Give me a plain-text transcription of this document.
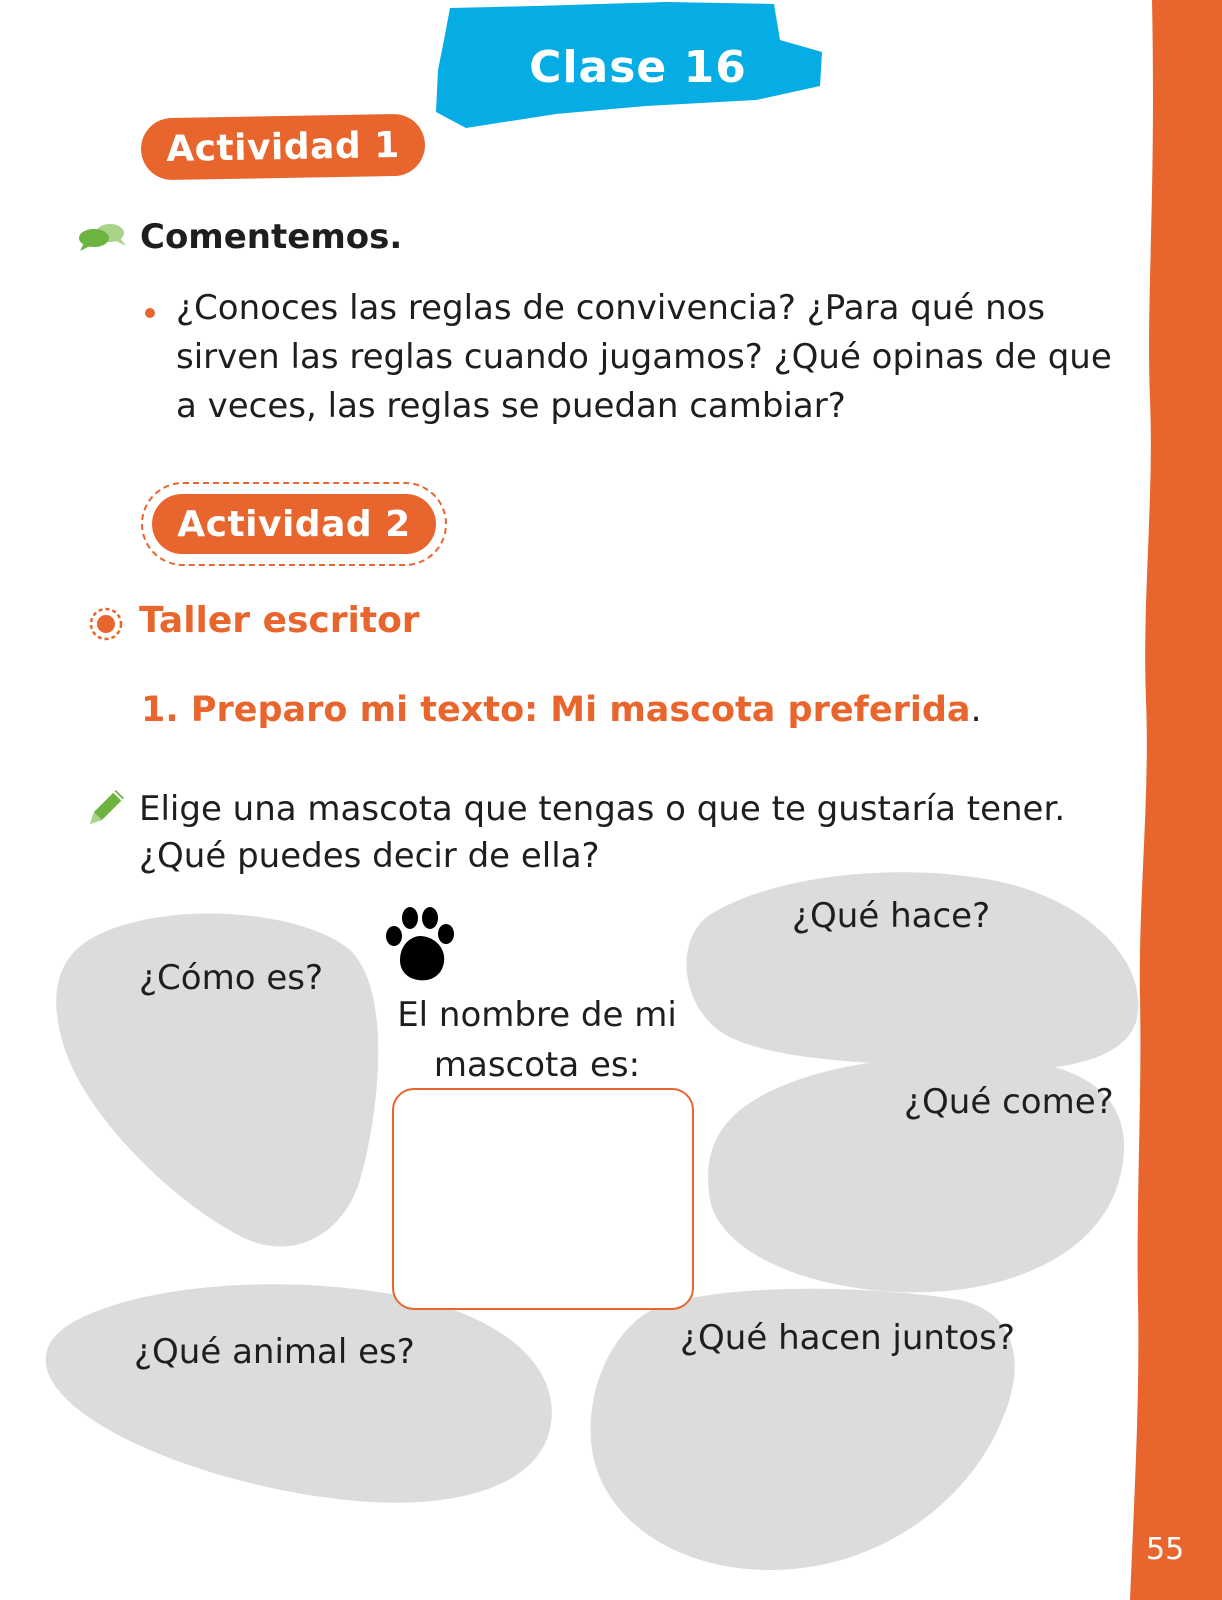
Clase 16
Actividad 1
Comentemos.
¿Conoces las reglas de convivencia? ¿Para qué nos sirven las reglas cuando jugamos? ¿Qué opinas de que a veces, las reglas se puedan cambiar?
Actividad 2
Taller escritor
1. Preparo mi texto: Mi mascota preferida.
Elige una mascota que tengas o que te gustaría tener. ¿Qué puedes decir de ella?
¿Cómo es?
¿Qué hace?
¿Qué come?
¿Qué animal es?	¿Qué hacen juntos?
El nombre de mi mascota es:
55
